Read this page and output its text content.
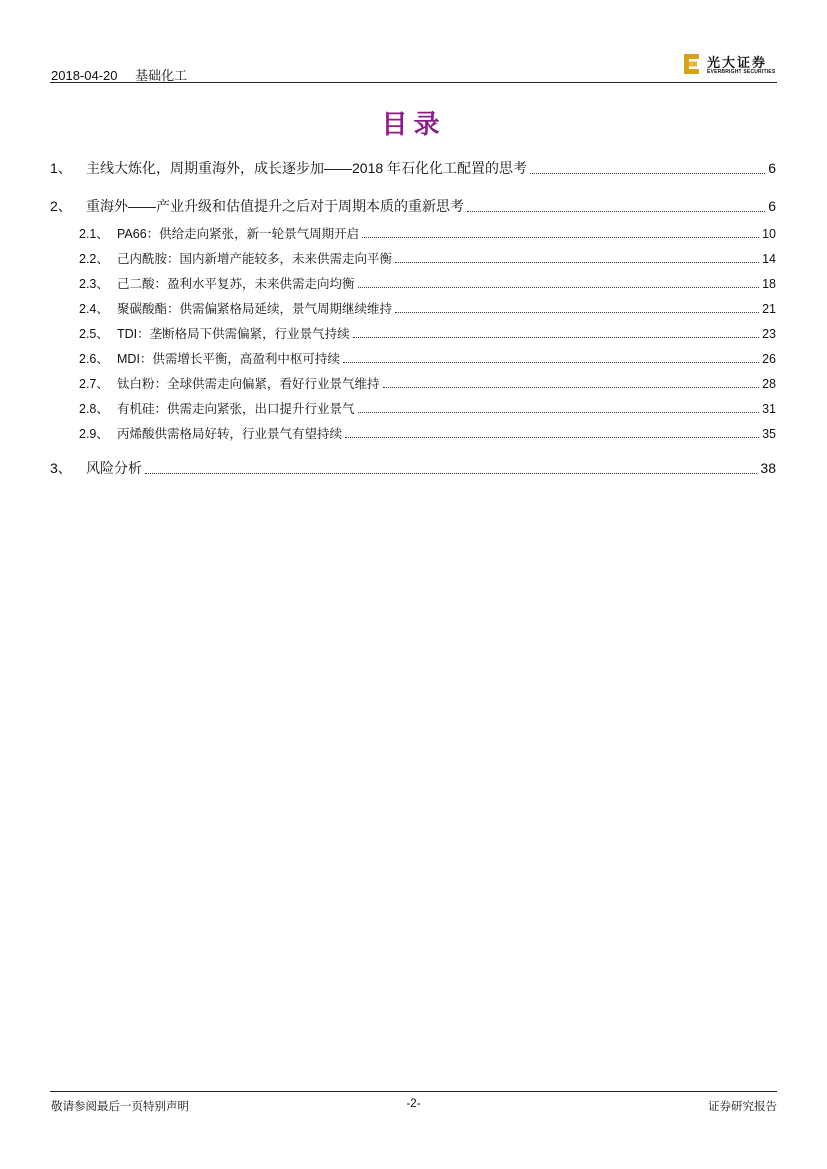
2018-04-20 基础化工
光大证券
EVERBRIGHT SECURITIES
目录
1、	主线大炼化，周期重海外，成长逐步加——2018 年石化化工配置的思考	6
2、	重海外——产业升级和估值提升之后对于周期本质的重新思考	6
2.1、 PA66：供给走向紧张，新一轮景气周期开启	10
2.2、 己内酰胺：国内新增产能较多，未来供需走向平衡	14
2.3、 己二酸：盈利水平复苏，未来供需走向均衡	18
2.4、 聚碳酸酯：供需偏紧格局延续，景气周期继续维持	21
2.5、 TDI：垄断格局下供需偏紧，行业景气持续	23
2.6、 MDI：供需增长平衡，高盈利中枢可持续	26
2.7、 钛白粉：全球供需走向偏紧，看好行业景气维持	28
2.8、 有机硅：供需走向紧张，出口提升行业景气	31
2.9、 丙烯酸供需格局好转，行业景气有望持续	35
3、	风险分析	38
敬请参阅最后一页特别声明	-2-	证券研究报告
